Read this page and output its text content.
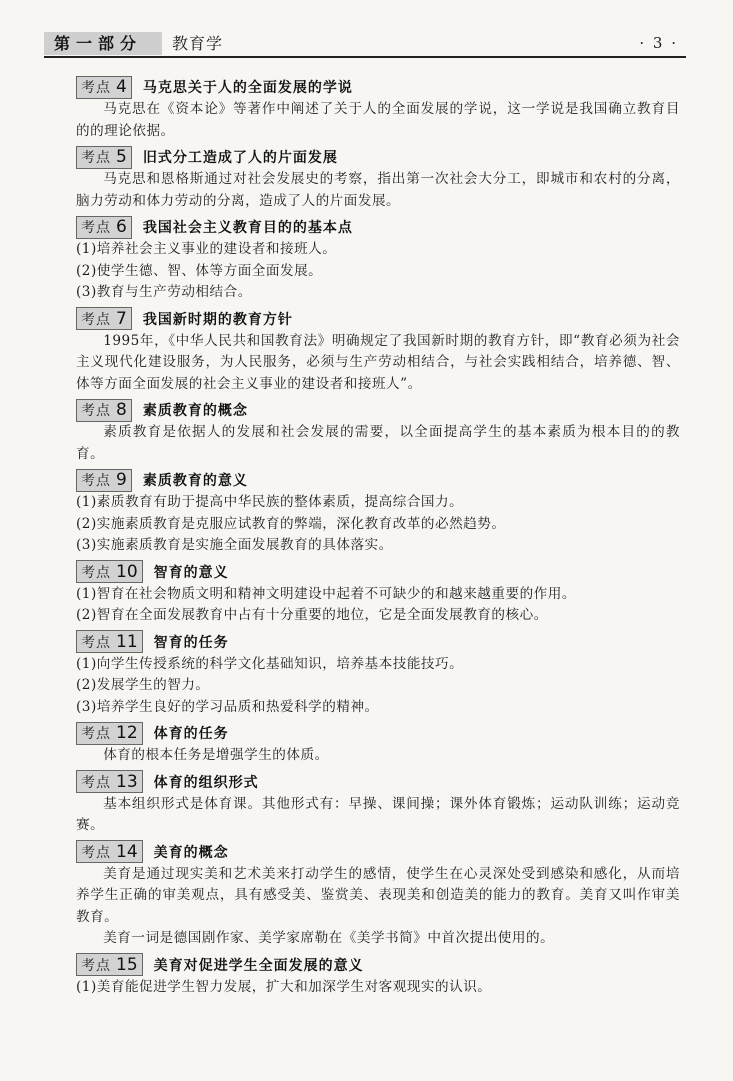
第一部分	教育学	· 3 ·
考点 4 马克思关于人的全面发展的学说

马克思在《资本论》等著作中阐述了关于人的全面发展的学说，这一学说是我国确立教育目的的理论依据。

考点 5 旧式分工造成了人的片面发展

马克思和恩格斯通过对社会发展史的考察，指出第一次社会大分工，即城市和农村的分离，脑力劳动和体力劳动的分离，造成了人的片面发展。

考点 6 我国社会主义教育目的的基本点

(1)培养社会主义事业的建设者和接班人。

(2)使学生德、智、体等方面全面发展。

(3)教育与生产劳动相结合。

考点 7 我国新时期的教育方针

1995年，《中华人民共和国教育法》明确规定了我国新时期的教育方针，即“教育必须为社会主义现代化建设服务，为人民服务，必须与生产劳动相结合，与社会实践相结合，培养德、智、体等方面全面发展的社会主义事业的建设者和接班人”。

考点 8 素质教育的概念

素质教育是依据人的发展和社会发展的需要，以全面提高学生的基本素质为根本目的的教育。

考点 9 素质教育的意义

(1)素质教育有助于提高中华民族的整体素质，提高综合国力。

(2)实施素质教育是克服应试教育的弊端，深化教育改革的必然趋势。

(3)实施素质教育是实施全面发展教育的具体落实。

考点 10 智育的意义

(1)智育在社会物质文明和精神文明建设中起着不可缺少的和越来越重要的作用。

(2)智育在全面发展教育中占有十分重要的地位，它是全面发展教育的核心。

考点 11 智育的任务

(1)向学生传授系统的科学文化基础知识，培养基本技能技巧。

(2)发展学生的智力。

(3)培养学生良好的学习品质和热爱科学的精神。

考点 12 体育的任务

体育的根本任务是增强学生的体质。

考点 13 体育的组织形式

基本组织形式是体育课。其他形式有：早操、课间操；课外体育锻炼；运动队训练；运动竞赛。

考点 14 美育的概念

美育是通过现实美和艺术美来打动学生的感情，使学生在心灵深处受到感染和感化，从而培养学生正确的审美观点，具有感受美、鉴赏美、表现美和创造美的能力的教育。美育又叫作审美教育。

美育一词是德国剧作家、美学家席勒在《美学书简》中首次提出使用的。

考点 15 美育对促进学生全面发展的意义

(1)美育能促进学生智力发展，扩大和加深学生对客观现实的认识。
